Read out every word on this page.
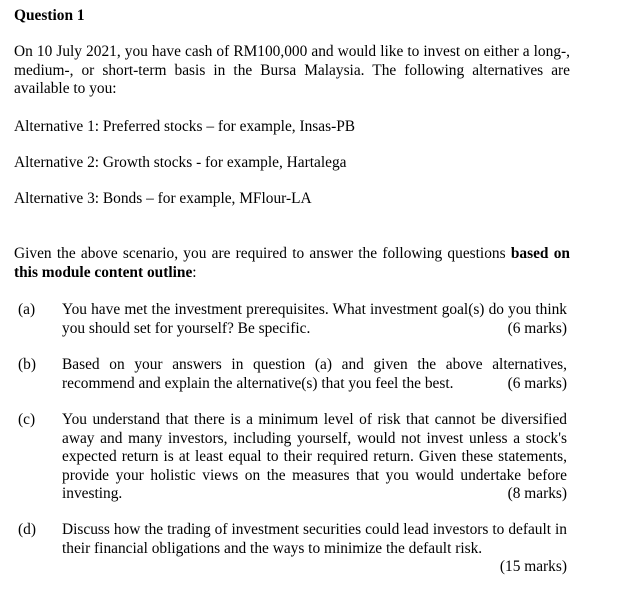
Question 1
On 10 July 2021, you have cash of RM100,000 and would like to invest on either a long-, medium-, or short-term basis in the Bursa Malaysia. The following alternatives are available to you:
Alternative 1: Preferred stocks – for example, Insas-PB
Alternative 2: Growth stocks - for example, Hartalega
Alternative 3: Bonds – for example, MFlour-LA
Given the above scenario, you are required to answer the following questions based on this module content outline:
(a) You have met the investment prerequisites. What investment goal(s) do you think you should set for yourself? Be specific.	(6 marks)
(b) Based on your answers in question (a) and given the above alternatives, recommend and explain the alternative(s) that you feel the best.	(6 marks)
(c) You understand that there is a minimum level of risk that cannot be diversified away and many investors, including yourself, would not invest unless a stock's expected return is at least equal to their required return. Given these statements, provide your holistic views on the measures that you would undertake before investing.	(8 marks)
(d) Discuss how the trading of investment securities could lead investors to default in their financial obligations and the ways to minimize the default risk.
(15 marks)
